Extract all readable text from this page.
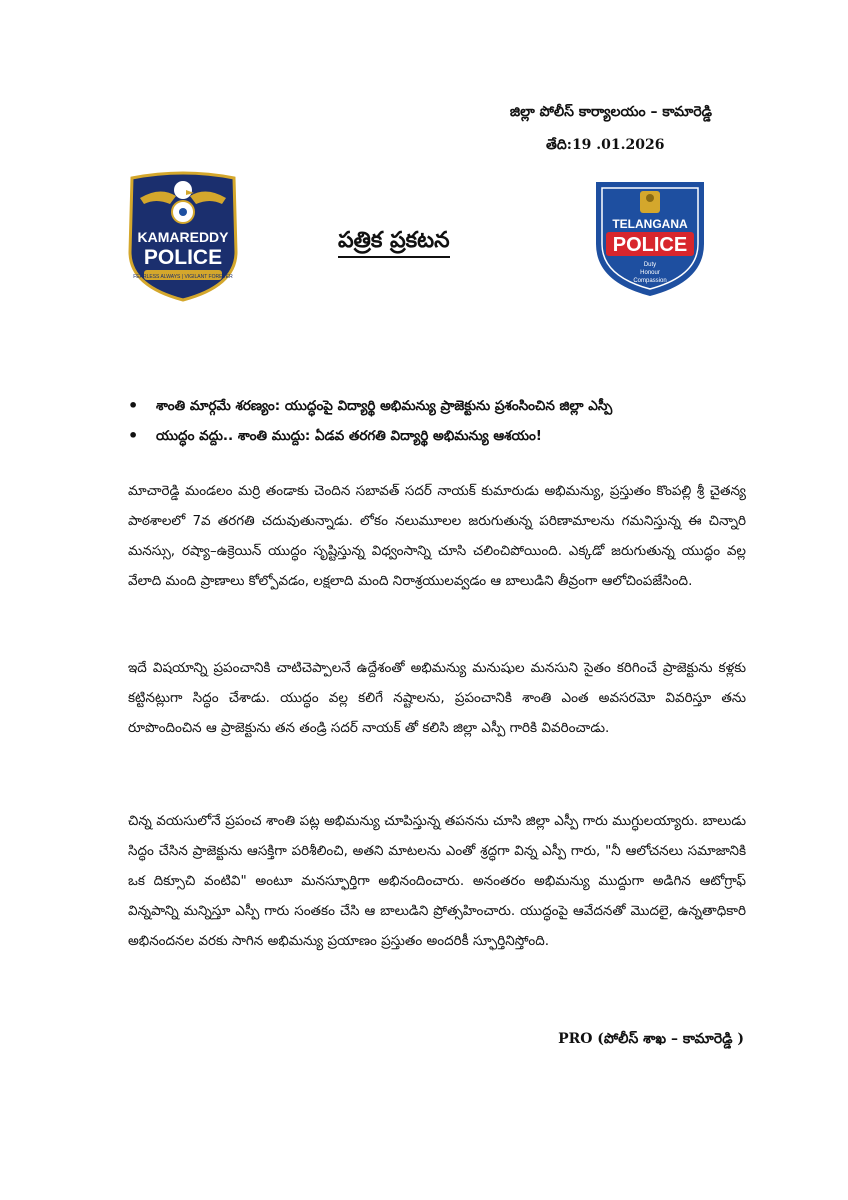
జిల్లా పోలీస్ కార్యాలయం – కామారెడ్డి
తేది:19 .01.2026
KAMAREDDY
POLICE
FEARLESS ALWAYS | VIGILANT FOREVER
TELANGANA
POLICE
Duty
Honour
Compassion
పత్రిక ప్రకటన
• శాంతి మార్గమే శరణ్యం: యుద్ధంపై విద్యార్థి అభిమన్యు ప్రాజెక్టును ప్రశంసించిన జిల్లా ఎస్పీ
• యుద్ధం వద్దు.. శాంతి ముద్దు: ఏడవ తరగతి విద్యార్థి అభిమన్యు ఆశయం!

మాచారెడ్డి మండలం మర్రి తండాకు చెందిన సబావత్ సదర్ నాయక్ కుమారుడు అభిమన్యు, ప్రస్తుతం కొంపల్లి శ్రీ చైతన్య పాఠశాలలో 7వ తరగతి చదువుతున్నాడు. లోకం నలుమూలల జరుగుతున్న పరిణామాలను గమనిస్తున్న ఈ చిన్నారి మనస్సు, రష్యా–ఉక్రెయిన్ యుద్ధం సృష్టిస్తున్న విధ్వంసాన్ని చూసి చలించిపోయింది. ఎక్కడో జరుగుతున్న యుద్ధం వల్ల వేలాది మంది ప్రాణాలు కోల్పోవడం, లక్షలాది మంది నిరాశ్రయులవ్వడం ఆ బాలుడిని తీవ్రంగా ఆలోచింపజేసింది.

ఇదే విషయాన్ని ప్రపంచానికి చాటిచెప్పాలనే ఉద్దేశంతో అభిమన్యు మనుషుల మనసుని సైతం కరిగించే ప్రాజెక్టును కళ్లకు కట్టినట్లుగా సిద్ధం చేశాడు. యుద్ధం వల్ల కలిగే నష్టాలను, ప్రపంచానికి శాంతి ఎంత అవసరమో వివరిస్తూ తను రూపొందించిన ఆ ప్రాజెక్టును తన తండ్రి సదర్ నాయక్ తో కలిసి జిల్లా ఎస్పీ గారికి వివరించాడు.

చిన్న వయసులోనే ప్రపంచ శాంతి పట్ల అభిమన్యు చూపిస్తున్న తపనను చూసి జిల్లా ఎస్పీ గారు ముగ్ధులయ్యారు. బాలుడు సిద్ధం చేసిన ప్రాజెక్టును ఆసక్తిగా పరిశీలించి, అతని మాటలను ఎంతో శ్రద్ధగా విన్న ఎస్పీ గారు, "నీ ఆలోచనలు సమాజానికి ఒక దిక్సూచి వంటివి" అంటూ మనస్ఫూర్తిగా అభినందించారు. అనంతరం అభిమన్యు ముద్దుగా అడిగిన ఆటోగ్రాఫ్ విన్నపాన్ని మన్నిస్తూ ఎస్పీ గారు సంతకం చేసి ఆ బాలుడిని ప్రోత్సహించారు. యుద్ధంపై ఆవేదనతో మొదలై, ఉన్నతాధికారి అభినందనల వరకు సాగిన అభిమన్యు ప్రయాణం ప్రస్తుతం అందరికీ స్ఫూర్తినిస్తోంది.

PRO (పోలీస్ శాఖ – కామారెడ్డి )
